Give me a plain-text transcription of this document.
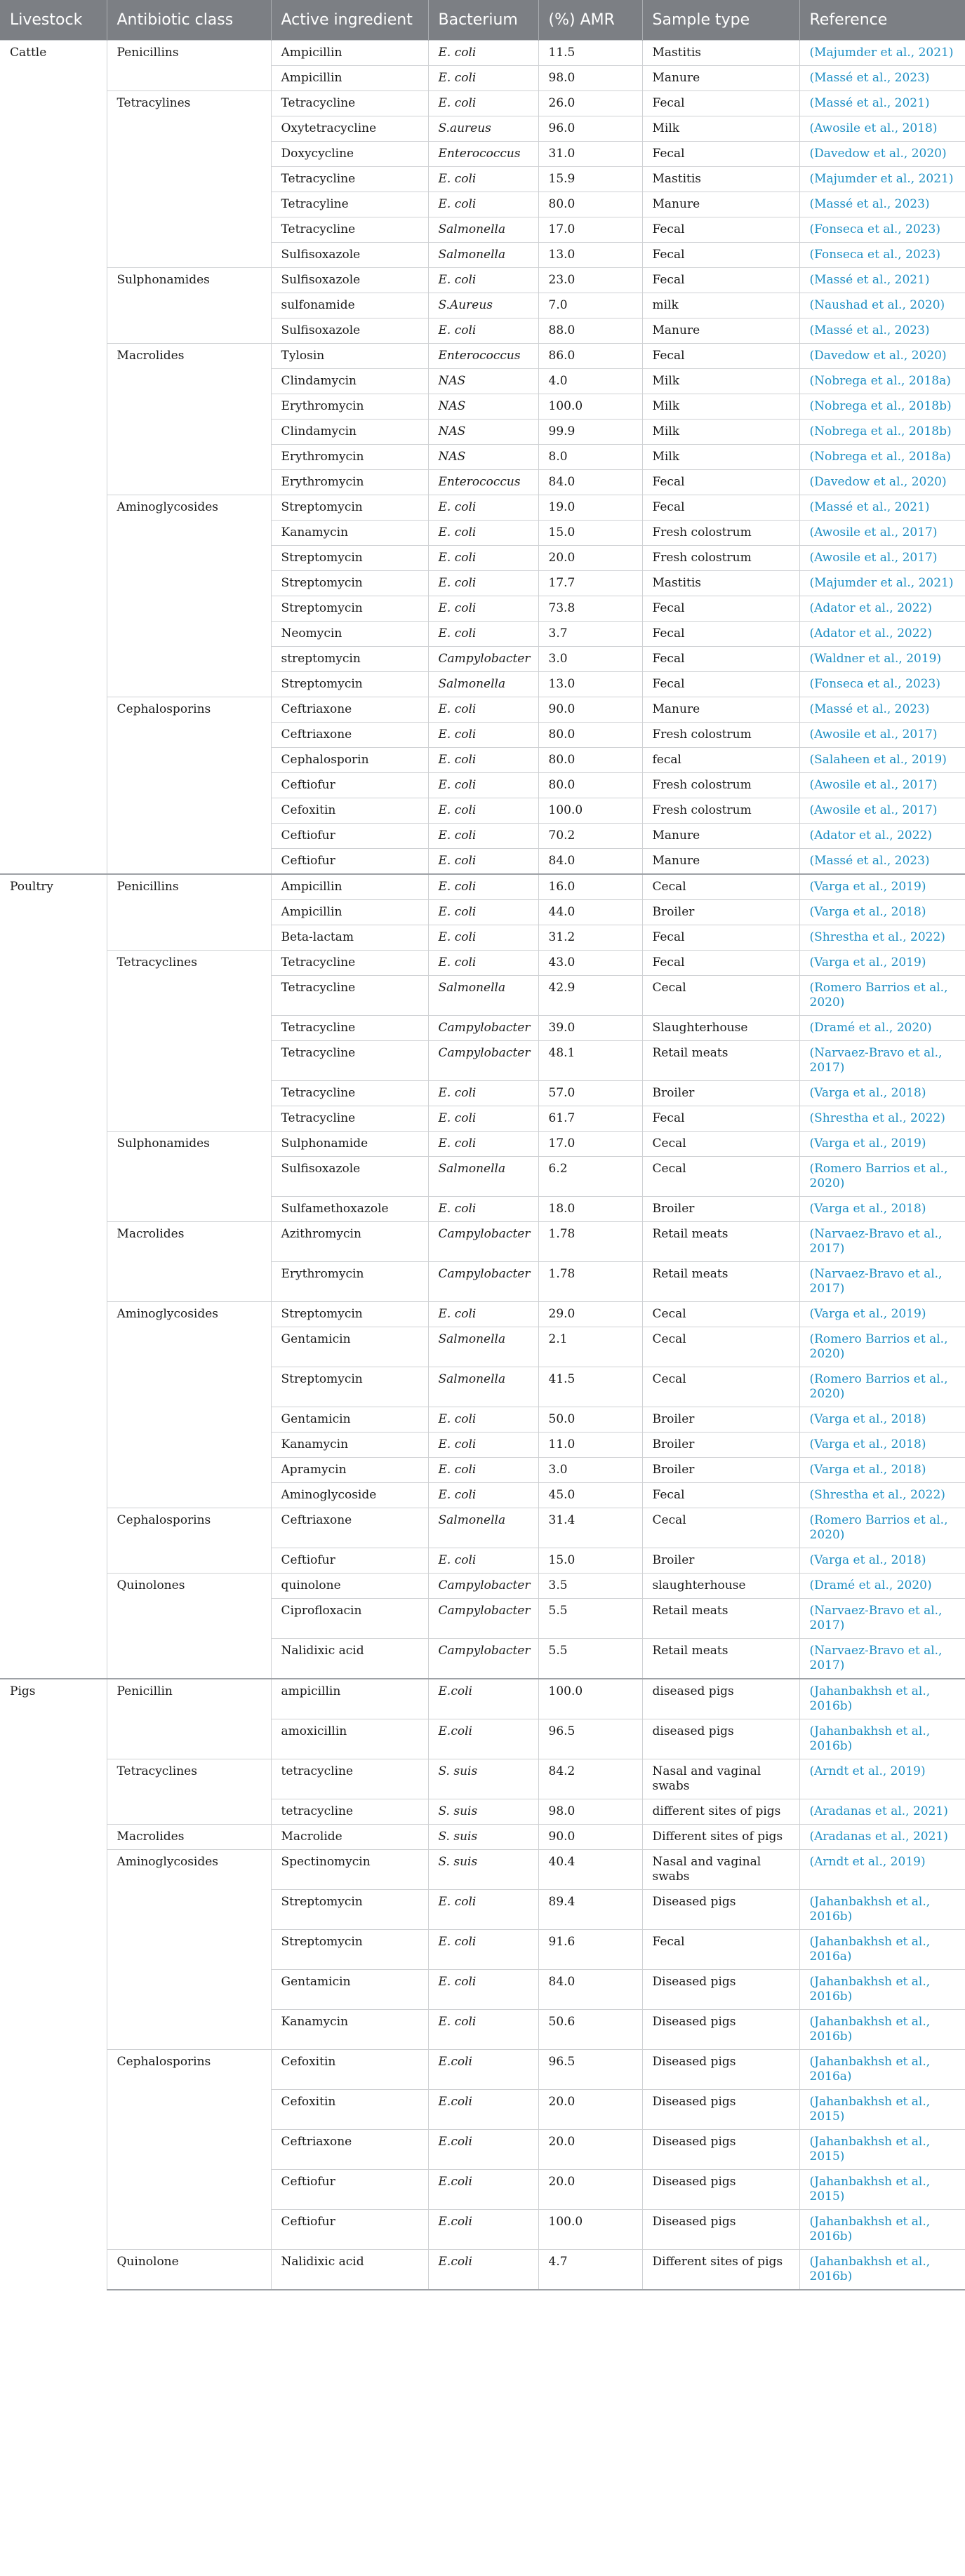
Livestock	Antibiotic class	Active ingredient	Bacterium	(%) AMR	Sample type	Reference

Cattle	Penicillins	Ampicillin	E. coli	11.5	Mastitis	(Majumder et al., 2021)

		Ampicillin	E. coli	98.0	Manure	(Massé et al., 2023)

	Tetracylines	Tetracycline	E. coli	26.0	Fecal	(Massé et al., 2021)

		Oxytetracycline	S.aureus	96.0	Milk	(Awosile et al., 2018)

		Doxycycline	Enterococcus	31.0	Fecal	(Davedow et al., 2020)

		Tetracycline	E. coli	15.9	Mastitis	(Majumder et al., 2021)

		Tetracyline	E. coli	80.0	Manure	(Massé et al., 2023)

		Tetracycline	Salmonella	17.0	Fecal	(Fonseca et al., 2023)

		Sulfisoxazole	Salmonella	13.0	Fecal	(Fonseca et al., 2023)

	Sulphonamides	Sulfisoxazole	E. coli	23.0	Fecal	(Massé et al., 2021)

		sulfonamide	S.Aureus	7.0	milk	(Naushad et al., 2020)

		Sulfisoxazole	E. coli	88.0	Manure	(Massé et al., 2023)

	Macrolides	Tylosin	Enterococcus	86.0	Fecal	(Davedow et al., 2020)

		Clindamycin	NAS	4.0	Milk	(Nobrega et al., 2018a)

		Erythromycin	NAS	100.0	Milk	(Nobrega et al., 2018b)

		Clindamycin	NAS	99.9	Milk	(Nobrega et al., 2018b)

		Erythromycin	NAS	8.0	Milk	(Nobrega et al., 2018a)

		Erythromycin	Enterococcus	84.0	Fecal	(Davedow et al., 2020)

	Aminoglycosides	Streptomycin	E. coli	19.0	Fecal	(Massé et al., 2021)

		Kanamycin	E. coli	15.0	Fresh colostrum	(Awosile et al., 2017)

		Streptomycin	E. coli	20.0	Fresh colostrum	(Awosile et al., 2017)

		Streptomycin	E. coli	17.7	Mastitis	(Majumder et al., 2021)

		Streptomycin	E. coli	73.8	Fecal	(Adator et al., 2022)

		Neomycin	E. coli	3.7	Fecal	(Adator et al., 2022)

		streptomycin	Campylobacter	3.0	Fecal	(Waldner et al., 2019)

		Streptomycin	Salmonella	13.0	Fecal	(Fonseca et al., 2023)

	Cephalosporins	Ceftriaxone	E. coli	90.0	Manure	(Massé et al., 2023)

		Ceftriaxone	E. coli	80.0	Fresh colostrum	(Awosile et al., 2017)

		Cephalosporin	E. coli	80.0	fecal	(Salaheen et al., 2019)

		Ceftiofur	E. coli	80.0	Fresh colostrum	(Awosile et al., 2017)

		Cefoxitin	E. coli	100.0	Fresh colostrum	(Awosile et al., 2017)

		Ceftiofur	E. coli	70.2	Manure	(Adator et al., 2022)

		Ceftiofur	E. coli	84.0	Manure	(Massé et al., 2023)

Poultry	Penicillins	Ampicillin	E. coli	16.0	Cecal	(Varga et al., 2019)

		Ampicillin	E. coli	44.0	Broiler	(Varga et al., 2018)

		Beta-lactam	E. coli	31.2	Fecal	(Shrestha et al., 2022)

	Tetracyclines	Tetracycline	E. coli	43.0	Fecal	(Varga et al., 2019)

		Tetracycline	Salmonella	42.9	Cecal	(Romero Barrios et al., 2020)

		Tetracycline	Campylobacter	39.0	Slaughterhouse	(Dramé et al., 2020)

		Tetracycline	Campylobacter	48.1	Retail meats	(Narvaez-Bravo et al., 2017)

		Tetracycline	E. coli	57.0	Broiler	(Varga et al., 2018)

		Tetracycline	E. coli	61.7	Fecal	(Shrestha et al., 2022)

	Sulphonamides	Sulphonamide	E. coli	17.0	Cecal	(Varga et al., 2019)

		Sulfisoxazole	Salmonella	6.2	Cecal	(Romero Barrios et al., 2020)

		Sulfamethoxazole	E. coli	18.0	Broiler	(Varga et al., 2018)

	Macrolides	Azithromycin	Campylobacter	1.78	Retail meats	(Narvaez-Bravo et al., 2017)

		Erythromycin	Campylobacter	1.78	Retail meats	(Narvaez-Bravo et al., 2017)

	Aminoglycosides	Streptomycin	E. coli	29.0	Cecal	(Varga et al., 2019)

		Gentamicin	Salmonella	2.1	Cecal	(Romero Barrios et al., 2020)

		Streptomycin	Salmonella	41.5	Cecal	(Romero Barrios et al., 2020)

		Gentamicin	E. coli	50.0	Broiler	(Varga et al., 2018)

		Kanamycin	E. coli	11.0	Broiler	(Varga et al., 2018)

		Apramycin	E. coli	3.0	Broiler	(Varga et al., 2018)

		Aminoglycoside	E. coli	45.0	Fecal	(Shrestha et al., 2022)

	Cephalosporins	Ceftriaxone	Salmonella	31.4	Cecal	(Romero Barrios et al., 2020)

		Ceftiofur	E. coli	15.0	Broiler	(Varga et al., 2018)

	Quinolones	quinolone	Campylobacter	3.5	slaughterhouse	(Dramé et al., 2020)

		Ciprofloxacin	Campylobacter	5.5	Retail meats	(Narvaez-Bravo et al., 2017)

		Nalidixic acid	Campylobacter	5.5	Retail meats	(Narvaez-Bravo et al., 2017)

Pigs	Penicillin	ampicillin	E.coli	100.0	diseased pigs	(Jahanbakhsh et al., 2016b)

		amoxicillin	E.coli	96.5	diseased pigs	(Jahanbakhsh et al., 2016b)

	Tetracyclines	tetracycline	S. suis	84.2	Nasal and vaginal swabs	(Arndt et al., 2019)

		tetracycline	S. suis	98.0	different sites of pigs	(Aradanas et al., 2021)

	Macrolides	Macrolide	S. suis	90.0	Different sites of pigs	(Aradanas et al., 2021)

	Aminoglycosides	Spectinomycin	S. suis	40.4	Nasal and vaginal swabs	(Arndt et al., 2019)

		Streptomycin	E. coli	89.4	Diseased pigs	(Jahanbakhsh et al., 2016b)

		Streptomycin	E. coli	91.6	Fecal	(Jahanbakhsh et al., 2016a)

		Gentamicin	E. coli	84.0	Diseased pigs	(Jahanbakhsh et al., 2016b)

		Kanamycin	E. coli	50.6	Diseased pigs	(Jahanbakhsh et al., 2016b)

	Cephalosporins	Cefoxitin	E.coli	96.5	Diseased pigs	(Jahanbakhsh et al., 2016a)

		Cefoxitin	E.coli	20.0	Diseased pigs	(Jahanbakhsh et al., 2015)

		Ceftriaxone	E.coli	20.0	Diseased pigs	(Jahanbakhsh et al., 2015)

		Ceftiofur	E.coli	20.0	Diseased pigs	(Jahanbakhsh et al., 2015)

		Ceftiofur	E.coli	100.0	Diseased pigs	(Jahanbakhsh et al., 2016b)

	Quinolone	Nalidixic acid	E.coli	4.7	Different sites of pigs	(Jahanbakhsh et al., 2016b)
